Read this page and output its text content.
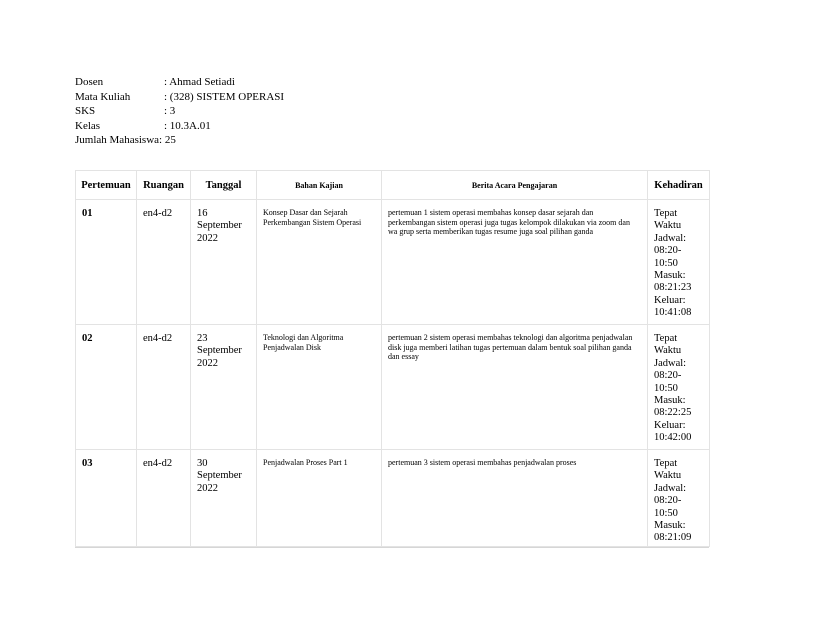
Dosen	: Ahmad Setiadi
Mata Kuliah	: (328) SISTEM OPERASI
SKS	: 3
Kelas	: 10.3A.01
Jumlah Mahasiswa : 25
Pertemuan	Ruangan	Tanggal	Bahan Kajian	Berita Acara Pengajaran	Kehadiran

01	en4-d2	16 September 2022	Konsep Dasar dan Sejarah Perkembangan Sistem Operasi	pertemuan 1 sistem operasi membahas konsep dasar sejarah dan perkembangan sistem operasi juga tugas kelompok dilakukan via zoom dan wa grup serta memberikan tugas resume juga soal pilihan ganda	Tepat Waktu Jadwal: 08:20-10:50 Masuk: 08:21:23 Keluar: 10:41:08

02	en4-d2	23 September 2022	Teknologi dan Algoritma Penjadwalan Disk	pertemuan 2 sistem operasi membahas teknologi dan algoritma penjadwalan disk juga memberi latihan tugas pertemuan dalam bentuk soal pilihan ganda dan essay	Tepat Waktu Jadwal: 08:20-10:50 Masuk: 08:22:25 Keluar: 10:42:00

03	en4-d2	30 September 2022	Penjadwalan Proses Part 1	pertemuan 3 sistem operasi membahas penjadwalan proses	Tepat Waktu Jadwal: 08:20-10:50 Masuk: 08:21:09
